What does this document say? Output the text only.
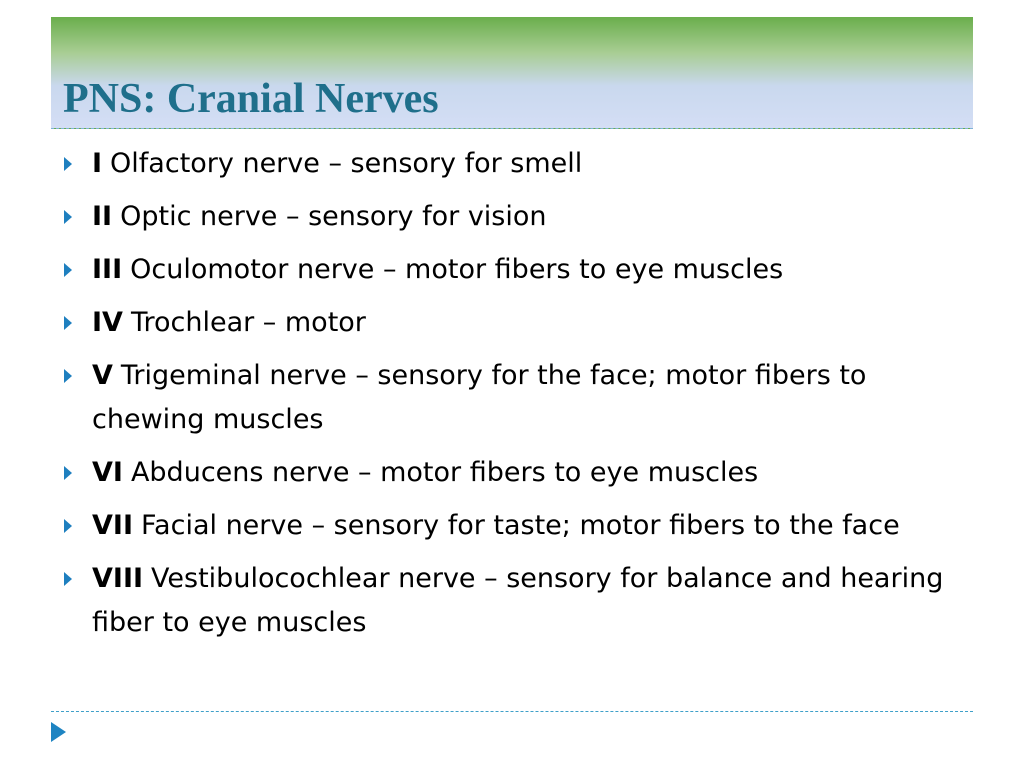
PNS: Cranial Nerves
I Olfactory nerve – sensory for smell
II Optic nerve – sensory for vision
III Oculomotor nerve – motor fibers to eye muscles
IV Trochlear – motor
V Trigeminal nerve – sensory for the face; motor fibers to chewing muscles
VI Abducens nerve – motor fibers to eye muscles
VII Facial nerve – sensory for taste; motor fibers to the face
VIII Vestibulocochlear nerve – sensory for balance and hearing fiber to eye muscles
